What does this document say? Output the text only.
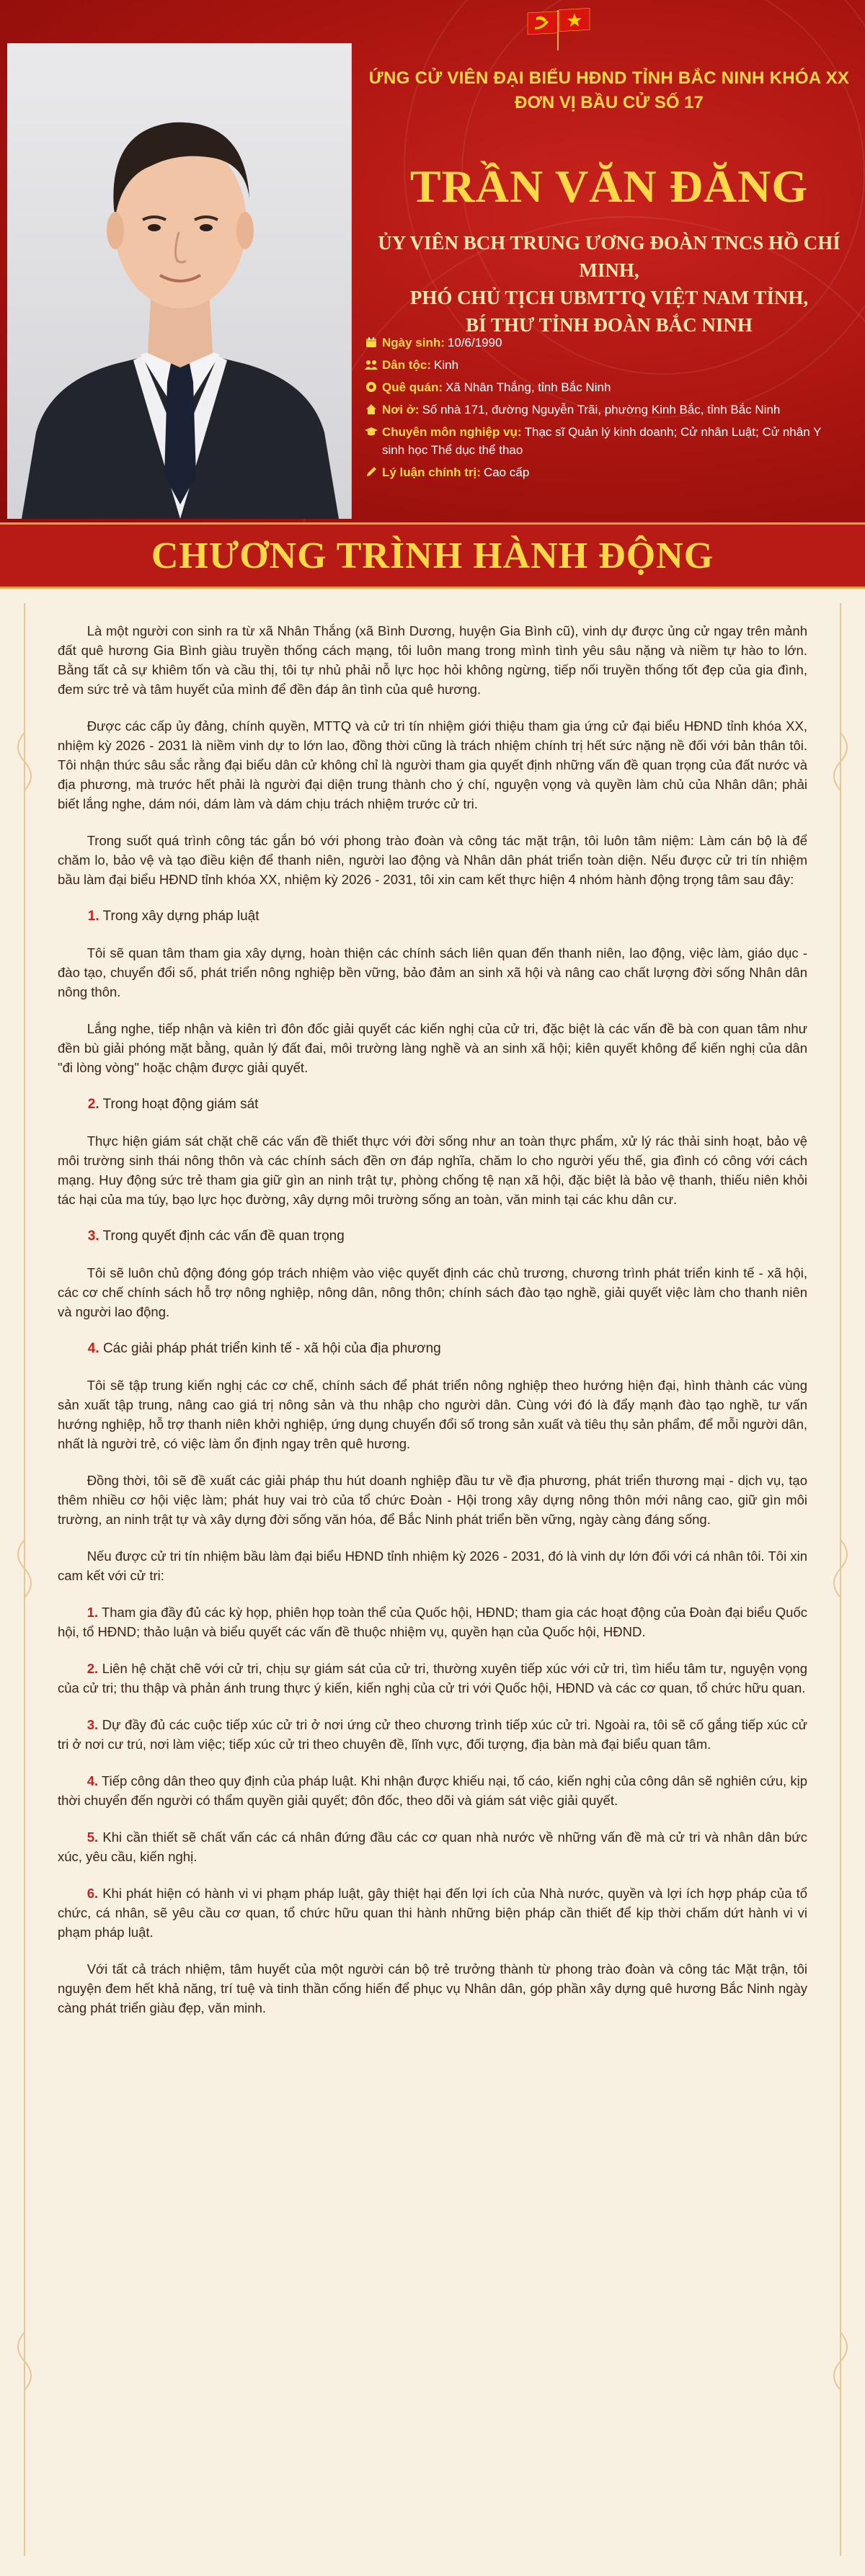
ỨNG CỬ VIÊN ĐẠI BIỂU HĐND TỈNH BẮC NINH KHÓA XX
ĐƠN VỊ BẦU CỬ SỐ 17
TRẦN VĂN ĐĂNG
ỦY VIÊN BCH TRUNG ƯƠNG ĐOÀN TNCS HỒ CHÍ MINH,
PHÓ CHỦ TỊCH UBMTTQ VIỆT NAM TỈNH,
BÍ THƯ TỈNH ĐOÀN BẮC NINH
Ngày sinh: 10/6/1990
Dân tộc: Kinh
Quê quán: Xã Nhân Thắng, tỉnh Bắc Ninh
Nơi ở: Số nhà 171, đường Nguyễn Trãi, phường Kinh Bắc, tỉnh Bắc Ninh
Chuyên môn nghiệp vụ: Thạc sĩ Quản lý kinh doanh; Cử nhân Luật; Cử nhân Y sinh học Thể dục thể thao
Lý luận chính trị: Cao cấp
CHƯƠNG TRÌNH HÀNH ĐỘNG

Là một người con sinh ra từ xã Nhân Thắng (xã Bình Dương, huyện Gia Bình cũ), vinh dự được ủng cử ngay trên mảnh đất quê hương Gia Bình giàu truyền thống cách mạng, tôi luôn mang trong mình tình yêu sâu nặng và niềm tự hào to lớn. Bằng tất cả sự khiêm tốn và cầu thị, tôi tự nhủ phải nỗ lực học hỏi không ngừng, tiếp nối truyền thống tốt đẹp của gia đình, đem sức trẻ và tâm huyết của mình để đền đáp ân tình của quê hương.

Được các cấp ủy đảng, chính quyền, MTTQ và cử tri tín nhiệm giới thiệu tham gia ứng cử đại biểu HĐND tỉnh khóa XX, nhiệm kỳ 2026 - 2031 là niềm vinh dự to lớn lao, đồng thời cũng là trách nhiệm chính trị hết sức nặng nề đối với bản thân tôi. Tôi nhận thức sâu sắc rằng đại biểu dân cử không chỉ là người tham gia quyết định những vấn đề quan trọng của đất nước và địa phương, mà trước hết phải là người đại diện trung thành cho ý chí, nguyện vọng và quyền làm chủ của Nhân dân; phải biết lắng nghe, dám nói, dám làm và dám chịu trách nhiệm trước cử tri.

Trong suốt quá trình công tác gắn bó với phong trào đoàn và công tác mặt trận, tôi luôn tâm niệm: Làm cán bộ là để chăm lo, bảo vệ và tạo điều kiện để thanh niên, người lao động và Nhân dân phát triển toàn diện. Nếu được cử tri tín nhiệm bầu làm đại biểu HĐND tỉnh khóa XX, nhiệm kỳ 2026 - 2031, tôi xin cam kết thực hiện 4 nhóm hành động trọng tâm sau đây:

1. Trong xây dựng pháp luật

Tôi sẽ quan tâm tham gia xây dựng, hoàn thiện các chính sách liên quan đến thanh niên, lao động, việc làm, giáo dục - đào tạo, chuyển đổi số, phát triển nông nghiệp bền vững, bảo đảm an sinh xã hội và nâng cao chất lượng đời sống Nhân dân nông thôn.

Lắng nghe, tiếp nhận và kiên trì đôn đốc giải quyết các kiến nghị của cử tri, đặc biệt là các vấn đề bà con quan tâm như đền bù giải phóng mặt bằng, quản lý đất đai, môi trường làng nghề và an sinh xã hội; kiên quyết không để kiến nghị của dân "đi lòng vòng" hoặc chậm được giải quyết.

2. Trong hoạt động giám sát

Thực hiện giám sát chặt chẽ các vấn đề thiết thực với đời sống như an toàn thực phẩm, xử lý rác thải sinh hoạt, bảo vệ môi trường sinh thái nông thôn và các chính sách đền ơn đáp nghĩa, chăm lo cho người yếu thế, gia đình có công với cách mạng. Huy động sức trẻ tham gia giữ gìn an ninh trật tự, phòng chống tệ nạn xã hội, đặc biệt là bảo vệ thanh, thiếu niên khỏi tác hại của ma túy, bạo lực học đường, xây dựng môi trường sống an toàn, văn minh tại các khu dân cư.

3. Trong quyết định các vấn đề quan trọng

Tôi sẽ luôn chủ động đóng góp trách nhiệm vào việc quyết định các chủ trương, chương trình phát triển kinh tế - xã hội, các cơ chế chính sách hỗ trợ nông nghiệp, nông dân, nông thôn; chính sách đào tạo nghề, giải quyết việc làm cho thanh niên và người lao động.

4. Các giải pháp phát triển kinh tế - xã hội của địa phương

Tôi sẽ tập trung kiến nghị các cơ chế, chính sách để phát triển nông nghiệp theo hướng hiện đại, hình thành các vùng sản xuất tập trung, nâng cao giá trị nông sản và thu nhập cho người dân. Cùng với đó là đẩy mạnh đào tạo nghề, tư vấn hướng nghiệp, hỗ trợ thanh niên khởi nghiệp, ứng dụng chuyển đổi số trong sản xuất và tiêu thụ sản phẩm, để mỗi người dân, nhất là người trẻ, có việc làm ổn định ngay trên quê hương.

Đồng thời, tôi sẽ đề xuất các giải pháp thu hút doanh nghiệp đầu tư về địa phương, phát triển thương mại - dịch vụ, tạo thêm nhiều cơ hội việc làm; phát huy vai trò của tổ chức Đoàn - Hội trong xây dựng nông thôn mới nâng cao, giữ gìn môi trường, an ninh trật tự và xây dựng đời sống văn hóa, để Bắc Ninh phát triển bền vững, ngày càng đáng sống.

Nếu được cử tri tín nhiệm bầu làm đại biểu HĐND tỉnh nhiệm kỳ 2026 - 2031, đó là vinh dự lớn đối với cá nhân tôi. Tôi xin cam kết với cử tri:

1. Tham gia đầy đủ các kỳ họp, phiên họp toàn thể của Quốc hội, HĐND; tham gia các hoạt động của Đoàn đại biểu Quốc hội, tổ HĐND; thảo luận và biểu quyết các vấn đề thuộc nhiệm vụ, quyền hạn của Quốc hội, HĐND.

2. Liên hệ chặt chẽ với cử tri, chịu sự giám sát của cử tri, thường xuyên tiếp xúc với cử tri, tìm hiểu tâm tư, nguyện vọng của cử tri; thu thập và phản ánh trung thực ý kiến, kiến nghị của cử tri với Quốc hội, HĐND và các cơ quan, tổ chức hữu quan.

3. Dự đầy đủ các cuộc tiếp xúc cử tri ở nơi ứng cử theo chương trình tiếp xúc cử tri. Ngoài ra, tôi sẽ cố gắng tiếp xúc cử tri ở nơi cư trú, nơi làm việc; tiếp xúc cử tri theo chuyên đề, lĩnh vực, đối tượng, địa bàn mà đại biểu quan tâm.

4. Tiếp công dân theo quy định của pháp luật. Khi nhận được khiếu nại, tố cáo, kiến nghị của công dân sẽ nghiên cứu, kịp thời chuyển đến người có thẩm quyền giải quyết; đôn đốc, theo dõi và giám sát việc giải quyết.

5. Khi cần thiết sẽ chất vấn các cá nhân đứng đầu các cơ quan nhà nước về những vấn đề mà cử tri và nhân dân bức xúc, yêu cầu, kiến nghị.

6. Khi phát hiện có hành vi vi phạm pháp luật, gây thiệt hại đến lợi ích của Nhà nước, quyền và lợi ích hợp pháp của tổ chức, cá nhân, sẽ yêu cầu cơ quan, tổ chức hữu quan thi hành những biện pháp cần thiết để kịp thời chấm dứt hành vi vi phạm pháp luật.

Với tất cả trách nhiệm, tâm huyết của một người cán bộ trẻ trưởng thành từ phong trào đoàn và công tác Mặt trận, tôi nguyện đem hết khả năng, trí tuệ và tinh thần cống hiến để phục vụ Nhân dân, góp phần xây dựng quê hương Bắc Ninh ngày càng phát triển giàu đẹp, văn minh.
